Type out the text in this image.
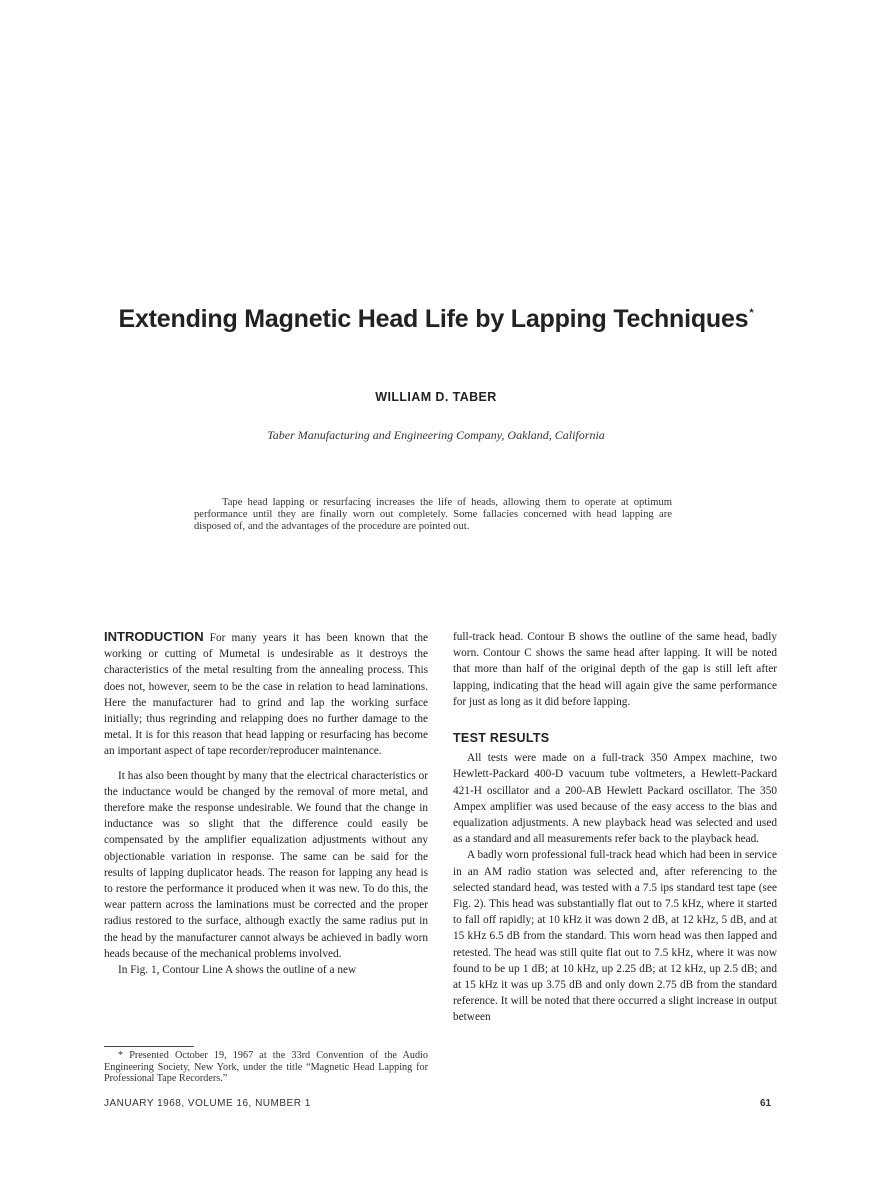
Extending Magnetic Head Life by Lapping Techniques*
WILLIAM D. TABER
Taber Manufacturing and Engineering Company, Oakland, California

Tape head lapping or resurfacing increases the life of heads, allowing them to operate at optimum performance until they are finally worn out completely. Some fallacies concerned with head lapping are disposed of, and the advantages of the procedure are pointed out.

INTRODUCTION For many years it has been known that the working or cutting of Mumetal is undesirable as it destroys the characteristics of the metal resulting from the annealing process. This does not, however, seem to be the case in relation to head laminations. Here the manufacturer had to grind and lap the working surface initially; thus regrinding and relapping does no further damage to the metal. It is for this reason that head lapping or resurfacing has become an important aspect of tape recorder/reproducer maintenance.

It has also been thought by many that the electrical characteristics or the inductance would be changed by the removal of more metal, and therefore make the response undesirable. We found that the change in inductance was so slight that the difference could easily be compensated by the amplifier equalization adjustments without any objectionable variation in response. The same can be said for the results of lapping duplicator heads. The reason for lapping any head is to restore the performance it produced when it was new. To do this, the wear pattern across the laminations must be corrected and the proper radius restored to the surface, although exactly the same radius put in the head by the manufacturer cannot always be achieved in badly worn heads because of the mechanical problems involved.

In Fig. 1, Contour Line A shows the outline of a new

full-track head. Contour B shows the outline of the same head, badly worn. Contour C shows the same head after lapping. It will be noted that more than half of the original depth of the gap is still left after lapping, indicating that the head will again give the same performance for just as long as it did before lapping.

TEST RESULTS

All tests were made on a full-track 350 Ampex machine, two Hewlett-Packard 400-D vacuum tube voltmeters, a Hewlett-Packard 421-H oscillator and a 200-AB Hewlett Packard oscillator. The 350 Ampex amplifier was used because of the easy access to the bias and equalization adjustments. A new playback head was selected and used as a standard and all measurements refer back to the playback head.

A badly worn professional full-track head which had been in service in an AM radio station was selected and, after referencing to the selected standard head, was tested with a 7.5 ips standard test tape (see Fig. 2). This head was substantially flat out to 7.5 kHz, where it started to fall off rapidly; at 10 kHz it was down 2 dB, at 12 kHz, 5 dB, and at 15 kHz 6.5 dB from the standard. This worn head was then lapped and retested. The head was still quite flat out to 7.5 kHz, where it was now found to be up 1 dB; at 10 kHz, up 2.25 dB; at 12 kHz, up 2.5 dB; and at 15 kHz it was up 3.75 dB and only down 2.75 dB from the standard reference. It will be noted that there occurred a slight increase in output between

* Presented October 19, 1967 at the 33rd Convention of the Audio Engineering Society, New York, under the title “Magnetic Head Lapping for Professional Tape Recorders.”

JANUARY 1968, VOLUME 16, NUMBER 1	61
